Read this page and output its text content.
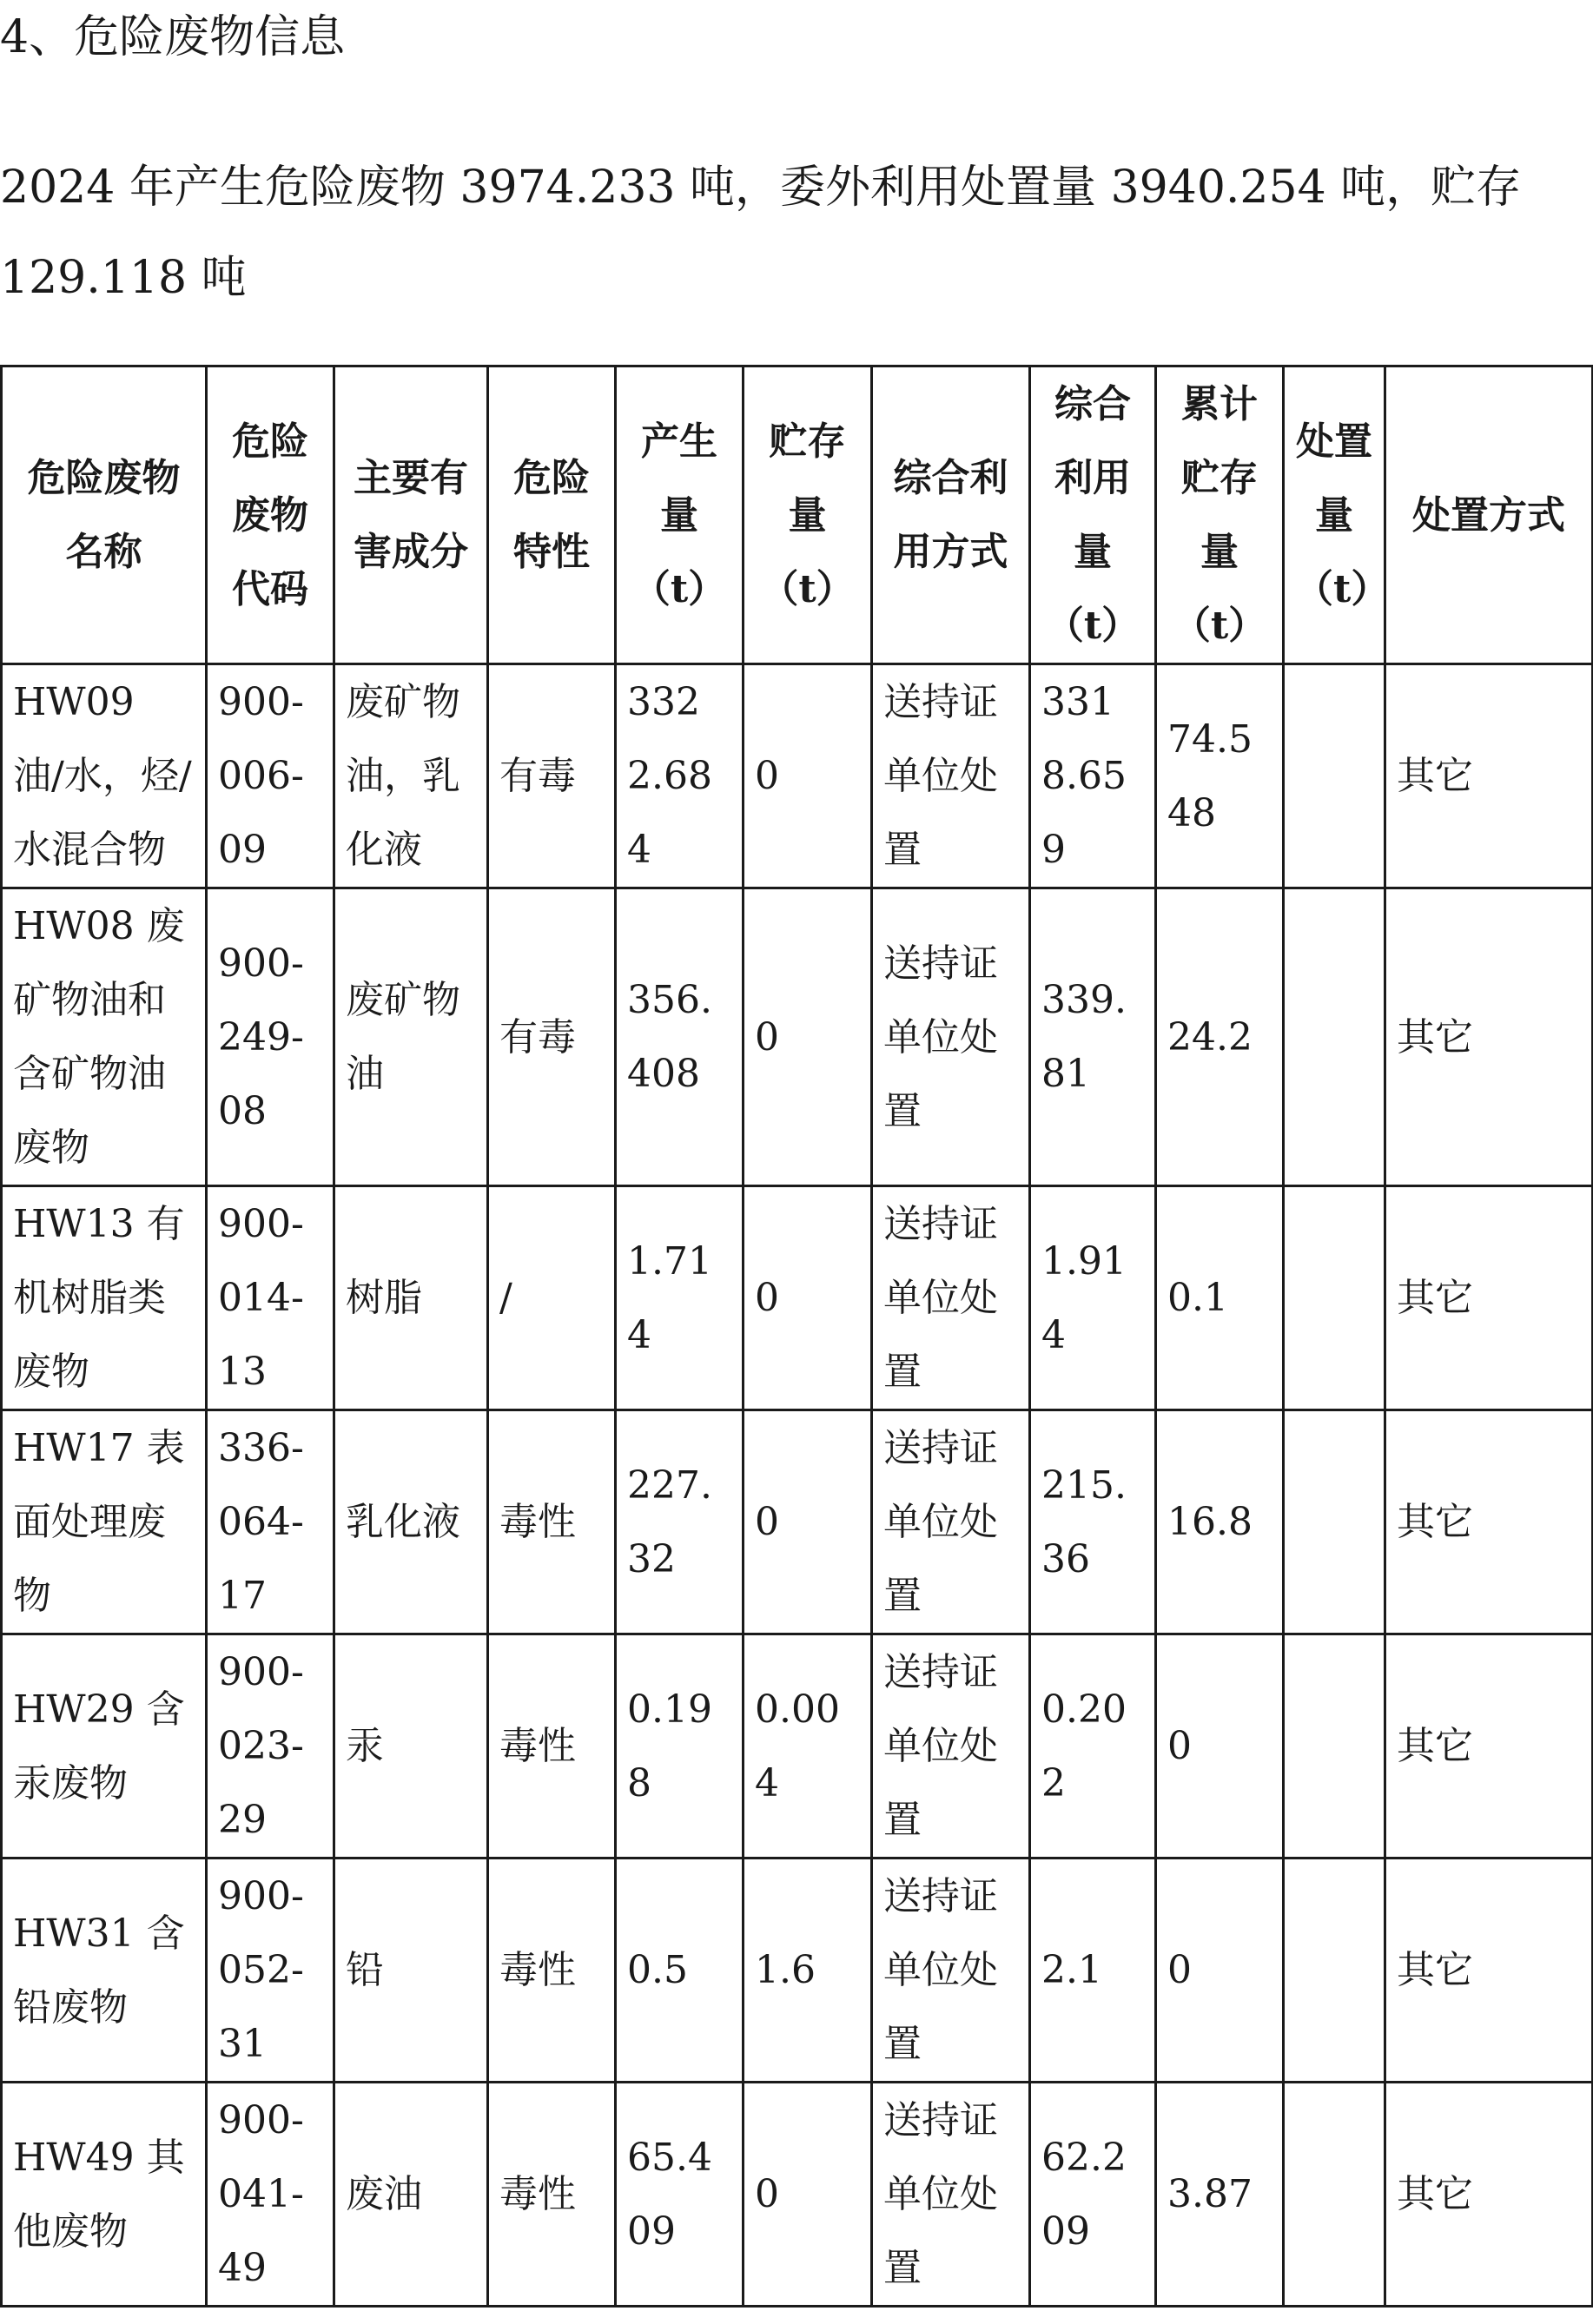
4、危险废物信息

2024 年产生危险废物 3974.233 吨，委外利用处置量 3940.254 吨，贮存 129.118 吨

危险废物名称	危险废物代码	主要有害成分	危险特性	产生量（t）	贮存量（t）	综合利用方式	综合利用量（t）	累计贮存量（t）	处置量（t）	处置方式
HW09 油/水，烃/水混合物	900-006-09	废矿物油，乳化液	有毒	3322.684	0	送持证单位处置	3318.659	74.548		其它
HW08 废矿物油和含矿物油废物	900-249-08	废矿物油	有毒	356.408	0	送持证单位处置	339.81	24.2		其它
HW13 有机树脂类废物	900-014-13	树脂	/	1.714	0	送持证单位处置	1.914	0.1		其它
HW17 表面处理废物	336-064-17	乳化液	毒性	227.32	0	送持证单位处置	215.36	16.8		其它
HW29 含汞废物	900-023-29	汞	毒性	0.198	0.004	送持证单位处置	0.202	0		其它
HW31 含铅废物	900-052-31	铅	毒性	0.5	1.6	送持证单位处置	2.1	0		其它
HW49 其他废物	900-041-49	废油	毒性	65.409	0	送持证单位处置	62.209	3.87		其它
